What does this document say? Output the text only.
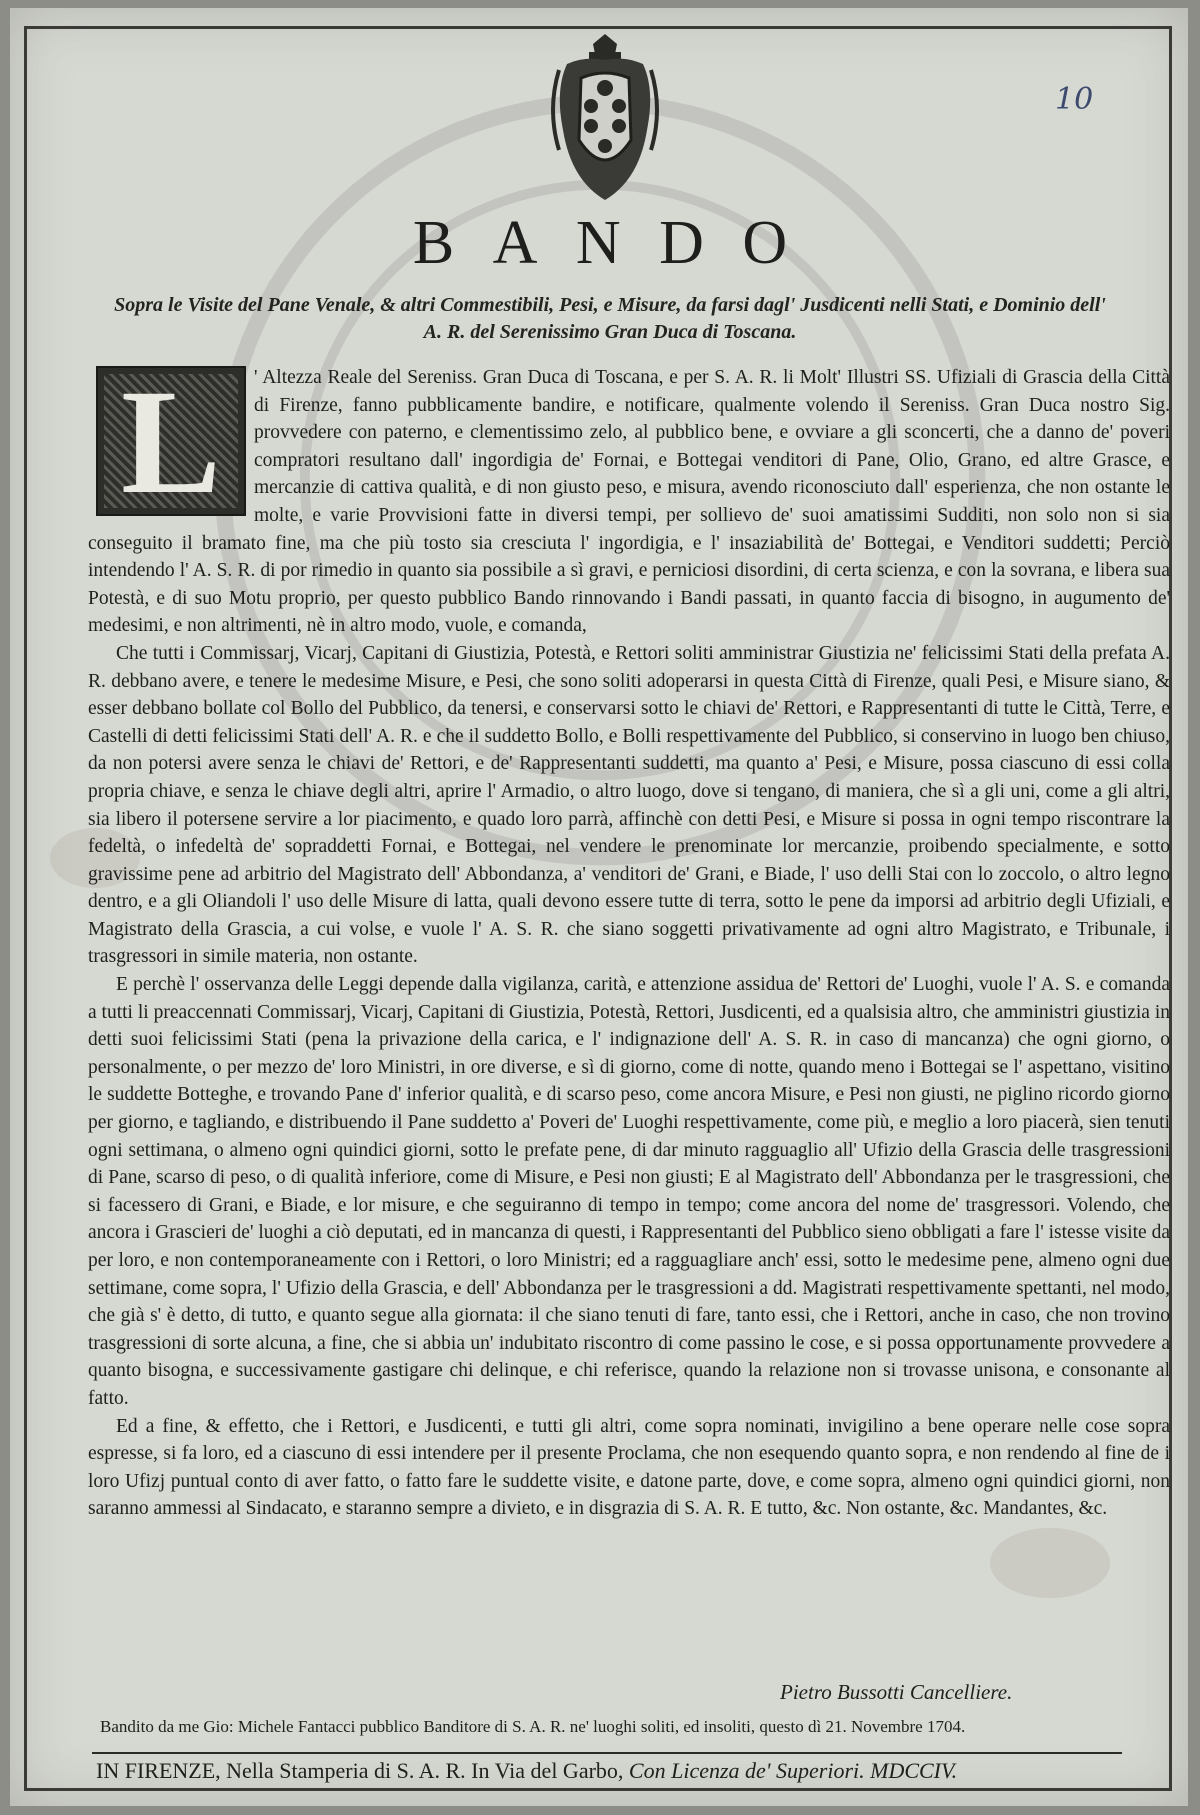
10
BANDO
Sopra le Visite del Pane Venale, & altri Commestibili, Pesi, e Misure, da farsi dagl' Jusdicenti nelli Stati, e Dominio dell' A. R. del Serenissimo Gran Duca di Toscana.
L	' Altezza Reale del Sereniss. Gran Duca di Toscana, e per S. A. R. li Molt' Illustri SS. Ufiziali di Grascia della Città di Firenze, fanno pubblicamente bandire, e notificare, qualmente volendo il Sereniss. Gran Duca nostro Sig. provvedere con paterno, e clementissimo zelo, al pubblico bene, e ovviare a gli sconcerti, che a danno de' poveri compratori resultano dall' ingordigia de' Fornai, e Bottegai venditori di Pane, Olio, Grano, ed altre Grasce, e mercanzie di cattiva qualità, e di non giusto peso, e misura, avendo riconosciuto dall' esperienza, che non ostante le molte, e varie Provvisioni fatte in diversi tempi, per sollievo de' suoi amatissimi Sudditi, non solo non si sia conseguito il bramato fine, ma che più tosto sia cresciuta l' ingordigia, e l' insaziabilità de' Bottegai, e Venditori suddetti; Perciò intendendo l' A. S. R. di por rimedio in quanto sia possibile a sì gravi, e perniciosi disordini, di certa scienza, e con la sovrana, e libera sua Potestà, e di suo Motu proprio, per questo pubblico Bando rinnovando i Bandi passati, in quanto faccia di bisogno, in augumento de' medesimi, e non altrimenti, nè in altro modo, vuole, e comanda,

Che tutti i Commissarj, Vicarj, Capitani di Giustizia, Potestà, e Rettori soliti amministrar Giustizia ne' felicissimi Stati della prefata A. R. debbano avere, e tenere le medesime Misure, e Pesi, che sono soliti adoperarsi in questa Città di Firenze, quali Pesi, e Misure siano, & esser debbano bollate col Bollo del Pubblico, da tenersi, e conservarsi sotto le chiavi de' Rettori, e Rappresentanti di tutte le Città, Terre, e Castelli di detti felicissimi Stati dell' A. R. e che il suddetto Bollo, e Bolli respettivamente del Pubblico, si conservino in luogo ben chiuso, da non potersi avere senza le chiavi de' Rettori, e de' Rappresentanti suddetti, ma quanto a' Pesi, e Misure, possa ciascuno di essi colla propria chiave, e senza le chiave degli altri, aprire l' Armadio, o altro luogo, dove si tengano, di maniera, che sì a gli uni, come a gli altri, sia libero il potersene servire a lor piacimento, e quado loro parrà, affinchè con detti Pesi, e Misure si possa in ogni tempo riscontrare la fedeltà, o infedeltà de' sopraddetti Fornai, e Bottegai, nel vendere le prenominate lor mercanzie, proibendo specialmente, e sotto gravissime pene ad arbitrio del Magistrato dell' Abbondanza, a' venditori de' Grani, e Biade, l' uso delli Stai con lo zoccolo, o altro legno dentro, e a gli Oliandoli l' uso delle Misure di latta, quali devono essere tutte di terra, sotto le pene da imporsi ad arbitrio degli Ufiziali, e Magistrato della Grascia, a cui volse, e vuole l' A. S. R. che siano soggetti privativamente ad ogni altro Magistrato, e Tribunale, i trasgressori in simile materia, non ostante.

E perchè l' osservanza delle Leggi depende dalla vigilanza, carità, e attenzione assidua de' Rettori de' Luoghi, vuole l' A. S. e comanda a tutti li preaccennati Commissarj, Vicarj, Capitani di Giustizia, Potestà, Rettori, Jusdicenti, ed a qualsisia altro, che amministri giustizia in detti suoi felicissimi Stati (pena la privazione della carica, e l' indignazione dell' A. S. R. in caso di mancanza) che ogni giorno, o personalmente, o per mezzo de' loro Ministri, in ore diverse, e sì di giorno, come di notte, quando meno i Bottegai se l' aspettano, visitino le suddette Botteghe, e trovando Pane d' inferior qualità, e di scarso peso, come ancora Misure, e Pesi non giusti, ne piglino ricordo giorno per giorno, e tagliando, e distribuendo il Pane suddetto a' Poveri de' Luoghi respettivamente, come più, e meglio a loro piacerà, sien tenuti ogni settimana, o almeno ogni quindici giorni, sotto le prefate pene, di dar minuto ragguaglio all' Ufizio della Grascia delle trasgressioni di Pane, scarso di peso, o di qualità inferiore, come di Misure, e Pesi non giusti; E al Magistrato dell' Abbondanza per le trasgressioni, che si facessero di Grani, e Biade, e lor misure, e che seguiranno di tempo in tempo; come ancora del nome de' trasgressori. Volendo, che ancora i Grascieri de' luoghi a ciò deputati, ed in mancanza di questi, i Rappresentanti del Pubblico sieno obbligati a fare l' istesse visite da per loro, e non contemporaneamente con i Rettori, o loro Ministri; ed a ragguagliare anch' essi, sotto le medesime pene, almeno ogni due settimane, come sopra, l' Ufizio della Grascia, e dell' Abbondanza per le trasgressioni a dd. Magistrati respettivamente spettanti, nel modo, che già s' è detto, di tutto, e quanto segue alla giornata: il che siano tenuti di fare, tanto essi, che i Rettori, anche in caso, che non trovino trasgressioni di sorte alcuna, a fine, che si abbia un' indubitato riscontro di come passino le cose, e si possa opportunamente provvedere a quanto bisogna, e successivamente gastigare chi delinque, e chi referisce, quando la relazione non si trovasse unisona, e consonante al fatto.

Ed a fine, & effetto, che i Rettori, e Jusdicenti, e tutti gli altri, come sopra nominati, invigilino a bene operare nelle cose sopra espresse, si fa loro, ed a ciascuno di essi intendere per il presente Proclama, che non esequendo quanto sopra, e non rendendo al fine de i loro Ufizj puntual conto di aver fatto, o fatto fare le suddette visite, e datone parte, dove, e come sopra, almeno ogni quindici giorni, non saranno ammessi al Sindacato, e staranno sempre a divieto, e in disgrazia di S. A. R. E tutto, &c. Non ostante, &c. Mandantes, &c.

Pietro Bussotti Cancelliere.
Bandito da me Gio: Michele Fantacci pubblico Banditore di S. A. R. ne' luoghi soliti, ed insoliti, questo dì 21. Novembre 1704.
IN FIRENZE, Nella Stamperia di S. A. R. In Via del Garbo, Con Licenza de' Superiori. MDCCIV.
